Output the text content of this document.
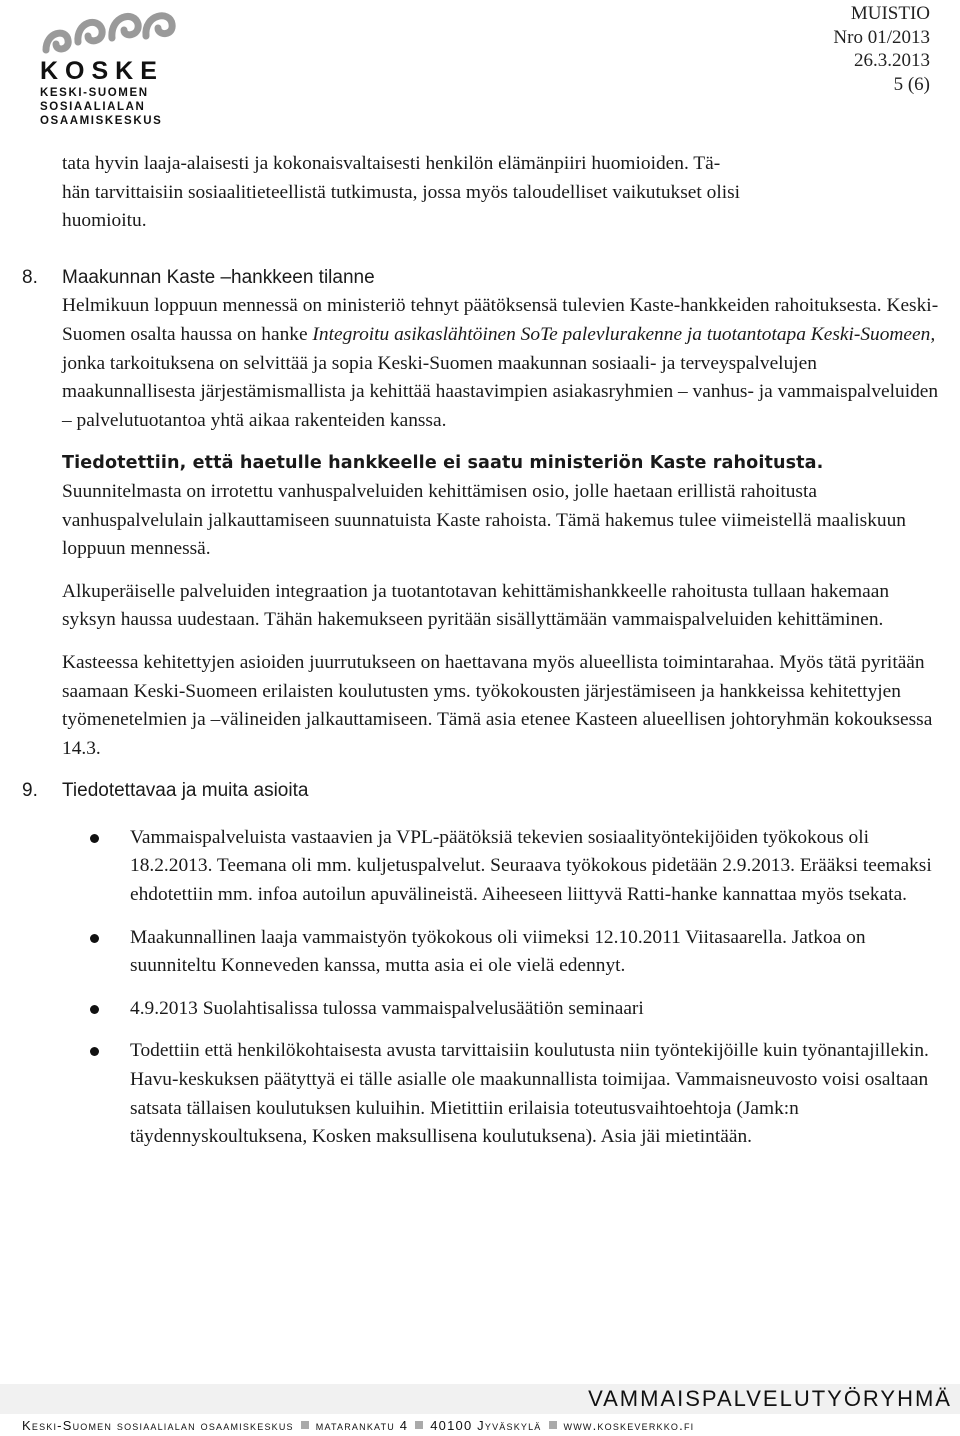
KOSKE
KESKI-SUOMEN
SOSIAALIALAN
OSAAMISKESKUS
MUISTIO
Nro 01/2013
26.3.2013
5 (6)

tata hyvin laaja-alaisesti ja kokonaisvaltaisesti henkilön elämänpiiri huomioiden. Tä-
hän tarvittaisiin sosiaalitieteellistä tutkimusta, jossa myös taloudelliset vaikutukset olisi
huomioitu.

8. Maakunnan Kaste –hankkeen tilanne

Helmikuun loppuun mennessä on ministeriö tehnyt päätöksensä tulevien Kaste-hankkeiden rahoituksesta. Keski-Suomen osalta haussa on hanke Integroitu asikaslähtöinen SoTe palevlurakenne ja tuotantotapa Keski-Suomeen, jonka tarkoituksena on selvittää ja sopia Keski-Suomen maakunnan sosiaali- ja terveyspalvelujen maakunnallisesta järjestämismallista ja kehittää haastavimpien asiakasryhmien – vanhus- ja vammaispalveluiden – palvelutuotantoa yhtä aikaa rakenteiden kanssa.

Tiedotettiin, että haetulle hankkeelle ei saatu ministeriön Kaste rahoitusta.

Suunnitelmasta on irrotettu vanhuspalveluiden kehittämisen osio, jolle haetaan erillistä rahoitusta vanhuspalvelulain jalkauttamiseen suunnatuista Kaste rahoista. Tämä hakemus tulee viimeistellä maaliskuun loppuun mennessä.

Alkuperäiselle palveluiden integraation ja tuotantotavan kehittämishankkeelle rahoitusta tullaan hakemaan syksyn haussa uudestaan. Tähän hakemukseen pyritään sisällyttämään vammaispalveluiden kehittäminen.

Kasteessa kehitettyjen asioiden juurrutukseen on haettavana myös alueellista toimintarahaa. Myös tätä pyritään saamaan Keski-Suomeen erilaisten koulutusten yms. työkokousten järjestämiseen ja hankkeissa kehitettyjen työmenetelmien ja –välineiden jalkauttamiseen. Tämä asia etenee Kasteen alueellisen johtoryhmän kokouksessa 14.3.

9. Tiedotettavaa ja muita asioita

Vammaispalveluista vastaavien ja VPL-päätöksiä tekevien sosiaalityöntekijöiden työkokous oli 18.2.2013. Teemana oli mm. kuljetuspalvelut. Seuraava työkokous pidetään 2.9.2013. Erääksi teemaksi ehdotettiin mm. infoa autoilun apuvälineistä. Aiheeseen liittyvä Ratti-hanke kannattaa myös tsekata.
Maakunnallinen laaja vammaistyön työkokous oli viimeksi 12.10.2011 Viitasaarella. Jatkoa on suunniteltu Konneveden kanssa, mutta asia ei ole vielä edennyt.
4.9.2013 Suolahtisalissa tulossa vammaispalvelusäätiön seminaari
Todettiin että henkilökohtaisesta avusta tarvittaisiin koulutusta niin työntekijöille kuin työnantajillekin. Havu-keskuksen päätyttyä ei tälle asialle ole maakunnallista toimijaa. Vammaisneuvosto voisi osaltaan satsata tällaisen koulutuksen kuluihin. Mietittiin erilaisia toteutusvaihtoehtoja (Jamk:n täydennyskoultuksena, Kosken maksullisena koulutuksena). Asia jäi mietintään.
VAMMAISPALVELUTYÖRYHMÄ
Keski-Suomen sosiaalialan osaamiskeskus matarankatu 4 40100 Jyväskylä www.koskeverkko.fi
